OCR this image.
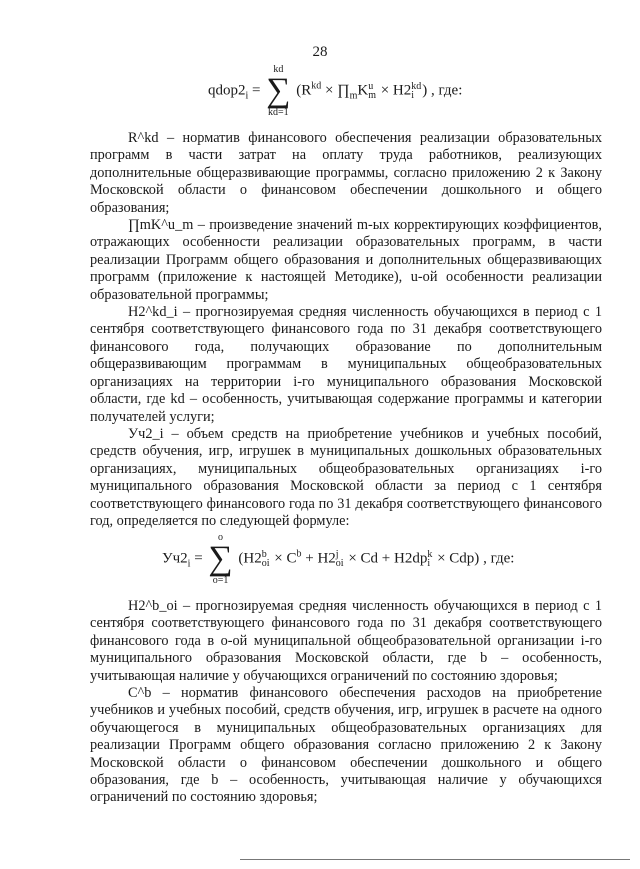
28
$qdop2_i$ =
kd
∑
kd=1
($R^{kd}$ × $\prod_mKu$
m × H2kd
i ) , где:

R^kd – норматив финансового обеспечения реализации образовательных программ в части затрат на оплату труда работников, реализующих дополнительные общеразвивающие программы, согласно приложению 2 к Закону Московской области о финансовом обеспечении дошкольного и общего образования;

∏mK^u_m – произведение значений m-ых корректирующих коэффициентов, отражающих особенности реализации образовательных программ, в части реализации Программ общего образования и дополнительных общеразвивающих программ (приложение к настоящей Методике), u-ой особенности реализации образовательной программы;

H2^kd_i – прогнозируемая средняя численность обучающихся в период с 1 сентября соответствующего финансового года по 31 декабря соответствующего финансового года, получающих образование по дополнительным общеразвивающим программам в муниципальных общеобразовательных организациях на территории i-го муниципального образования Московской области, где kd – особенность, учитывающая содержание программы и категории получателей услуги;

Уч2_i – объем средств на приобретение учебников и учебных пособий, средств обучения, игр, игрушек в муниципальных дошкольных образовательных организациях, муниципальных общеобразовательных организациях i-го муниципального образования Московской области за период с 1 сентября соответствующего финансового года по 31 декабря соответствующего финансового год, определяется по следующей формуле:

$Уч2_i$ =
o
∑
o=1
(H2b
oi × $C^b + H2j$
oi × Cd + H2dpk
i × Cdp) , где:

H2^b_oi – прогнозируемая средняя численность обучающихся в период с 1 сентября соответствующего финансового года по 31 декабря соответствующего финансового года в o-ой муниципальной общеобразовательной организации i-го муниципального образования Московской области, где b – особенность, учитывающая наличие у обучающихся ограничений по состоянию здоровья;

C^b – норматив финансового обеспечения расходов на приобретение учебников и учебных пособий, средств обучения, игр, игрушек в расчете на одного обучающегося в муниципальных общеобразовательных организациях для реализации Программ общего образования согласно приложению 2 к Закону Московской области о финансовом обеспечении дошкольного и общего образования, где b – особенность, учитывающая наличие у обучающихся ограничений по состоянию здоровья;
